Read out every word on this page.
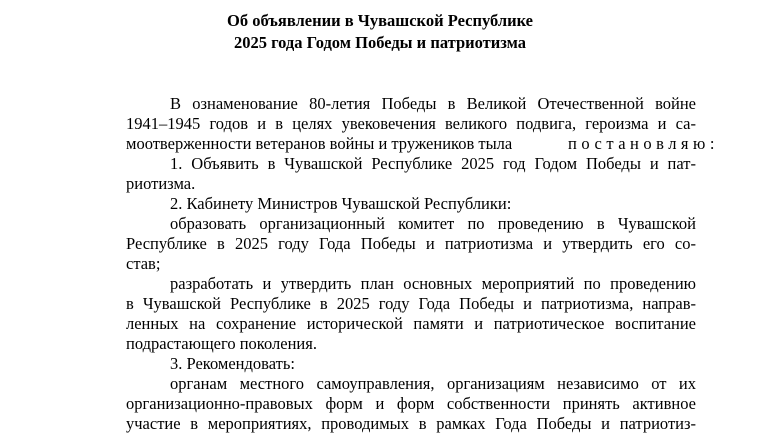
Об объявлении в Чувашской Республике
2025 года Годом Победы и патриотизма
В ознаменование 80-летия Победы в Великой Отечественной войне
1941–1945 годов и в целях увековечения великого подвига, героизма и са-
моотверженности ветеранов войны и тружеников тыла	постановляю:
1. Объявить в Чувашской Республике 2025 год Годом Победы и пат-
риотизма.
2. Кабинету Министров Чувашской Республики:
образовать организационный комитет по проведению в Чувашской
Республике в 2025 году Года Победы и патриотизма и утвердить его со-
став;
разработать и утвердить план основных мероприятий по проведению
в Чувашской Республике в 2025 году Года Победы и патриотизма, направ-
ленных на сохранение исторической памяти и патриотическое воспитание
подрастающего поколения.
3. Рекомендовать:
органам местного самоуправления, организациям независимо от их
организационно-правовых форм и форм собственности принять активное
участие в мероприятиях, проводимых в рамках Года Победы и патриотиз-
